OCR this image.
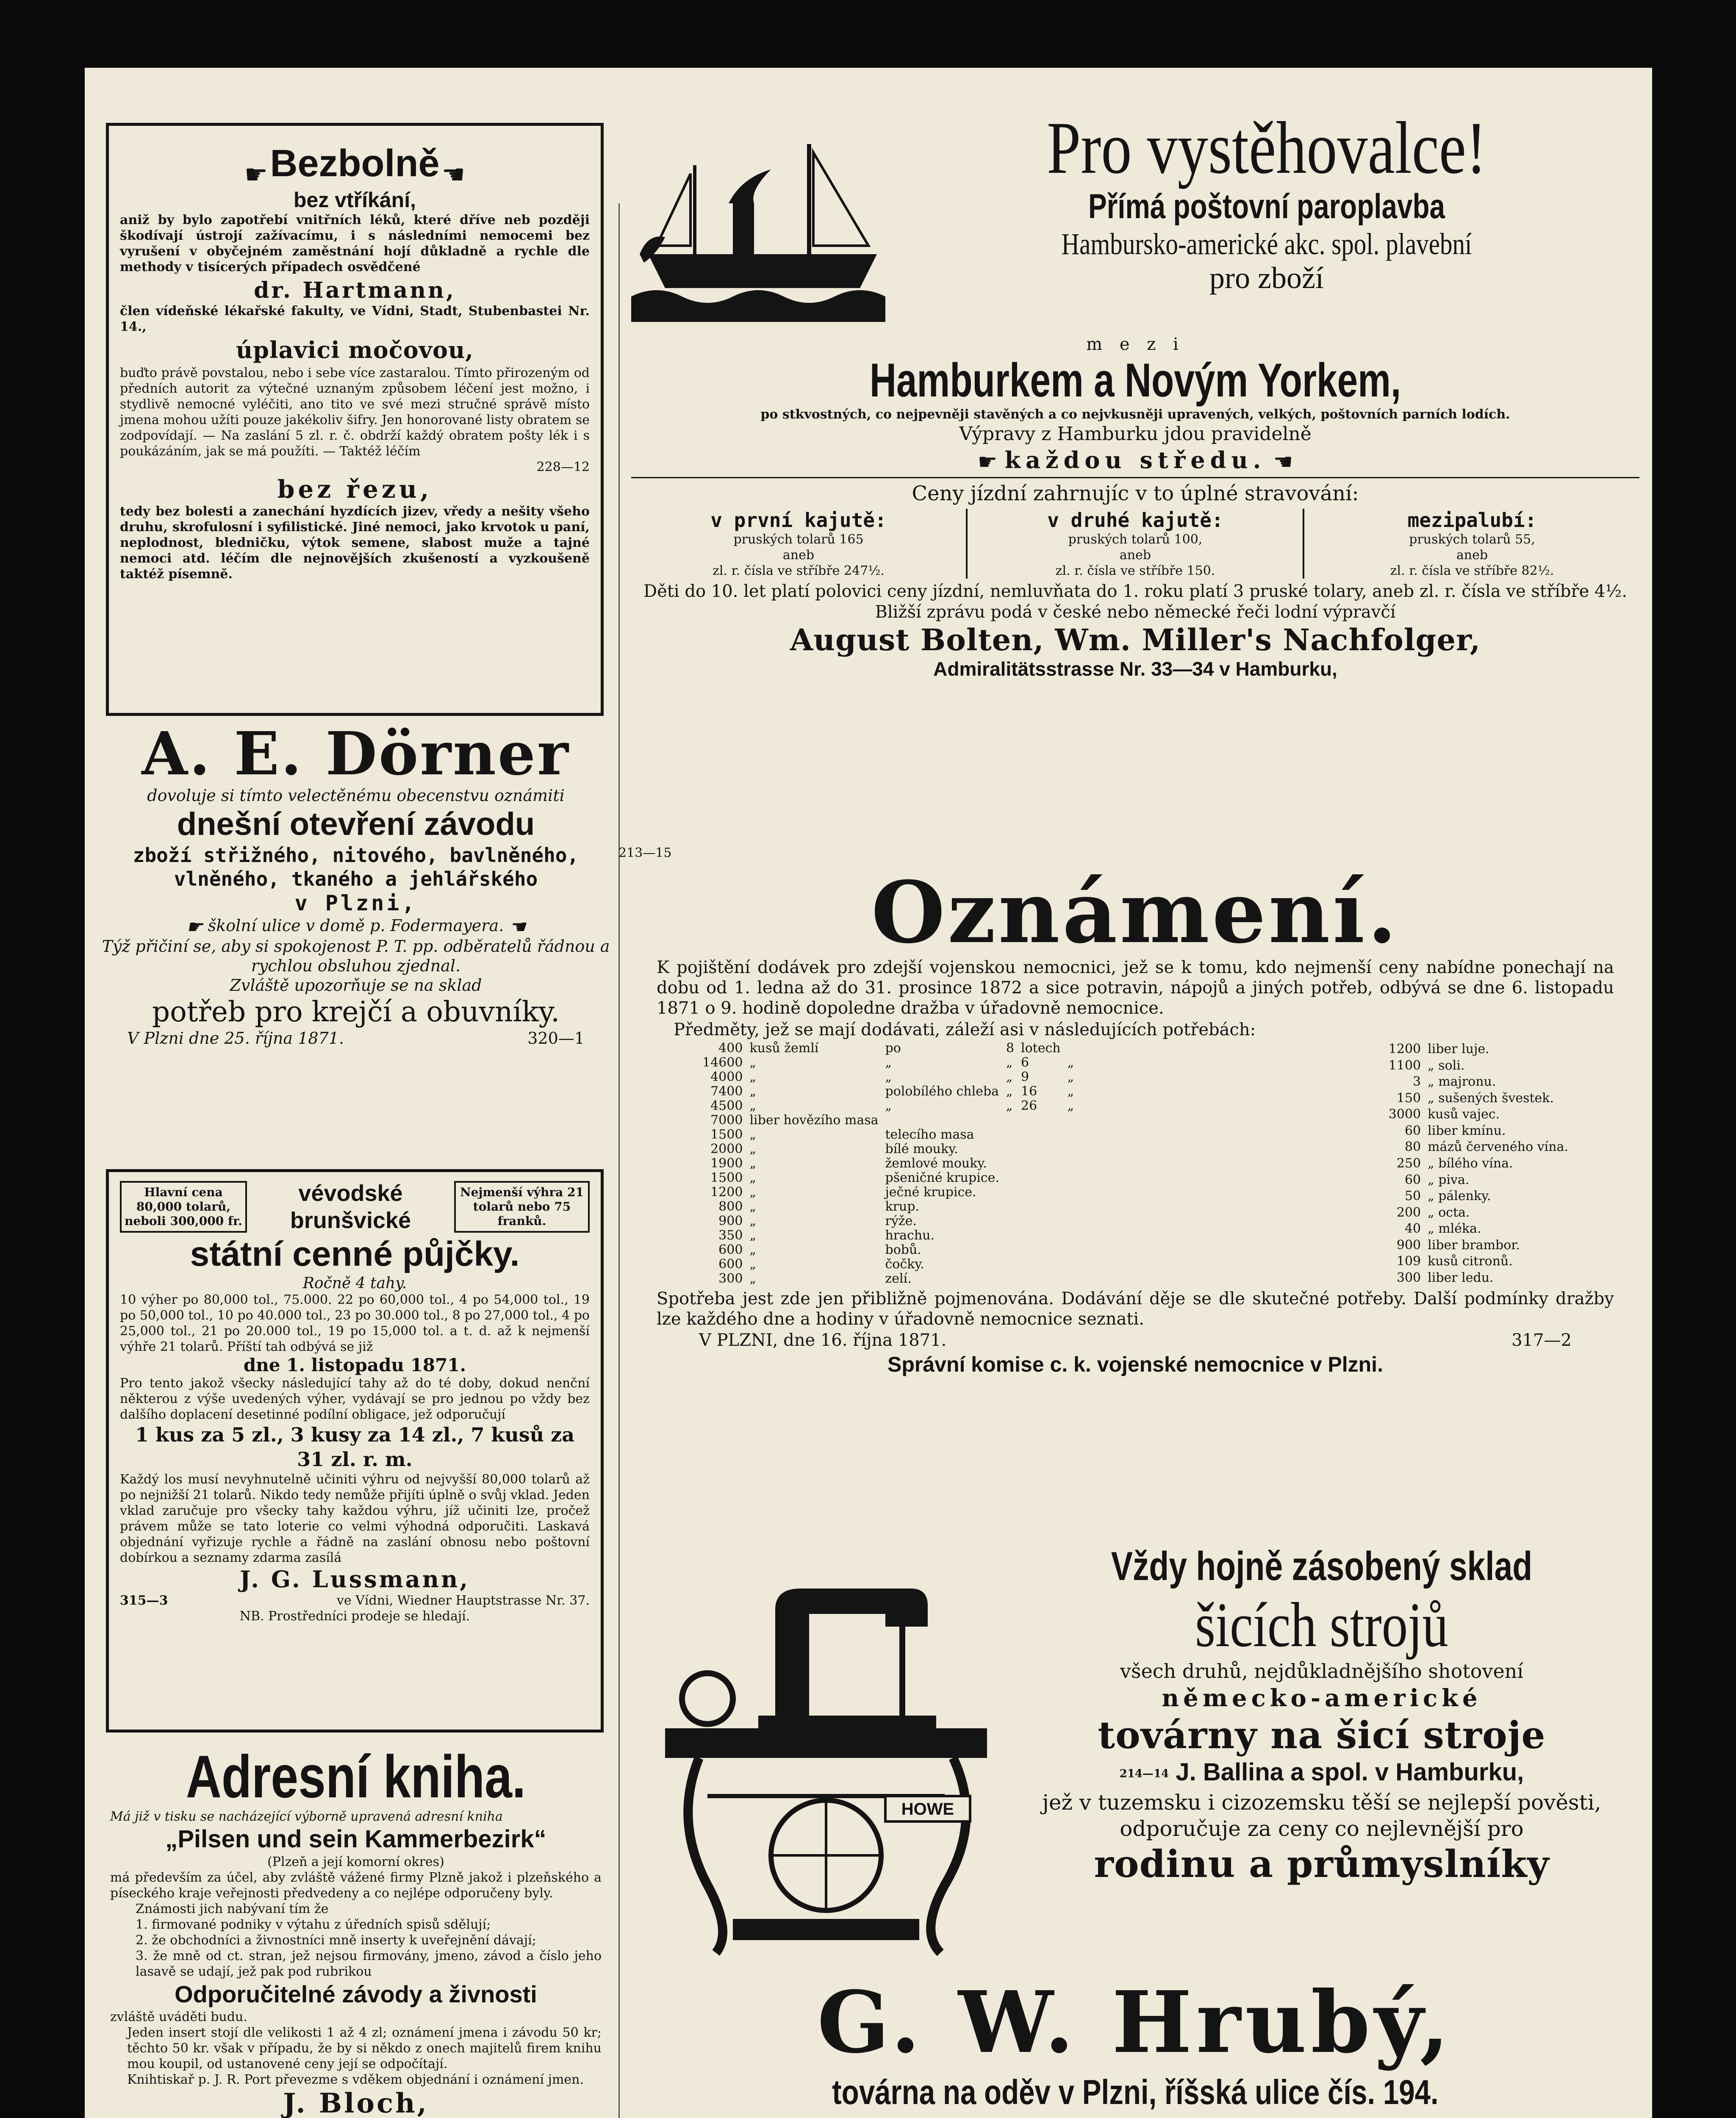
☛ Bezbolně ☚
bez vtříkání,
aniž by bylo zapotřebí vnitřních léků, které dříve neb později škodívají ústrojí zažívacímu, i s následními nemocemi bez vyrušení v obyčejném zaměstnání hojí důkladně a rychle dle methody v tisícerých případech osvědčené
dr. Hartmann,
člen vídeňské lékařské fakulty, ve Vídni, Stadt, Stubenbastei Nr. 14.,
úplavici močovou,
buďto právě povstalou, nebo i sebe více zastaralou. Tímto přirozeným od předních autorit za výtečné uznaným způsobem léčení jest možno, i stydlivě nemocné vyléčiti, ano tito ve své mezi stručné správě místo jmena mohou užíti pouze jakékoliv šifry. Jen honorované listy obratem se zodpovídají. — Na zaslání 5 zl. r. č. obdrží každý obratem pošty lék i s poukázáním, jak se má použíti. — Taktéž léčím
228—12
bez řezu,
tedy bez bolesti a zanechání hyzdících jizev, vředy a nešity všeho druhu, skrofulosní i syfilistické. Jiné nemoci, jako krvotok u paní, neplodnost, bledničku, výtok semene, slabost muže a tajné nemoci atd. léčím dle nejnovějších zkušeností a vyzkoušeně taktéž písemně.
A. E. Dörner
dovoluje si tímto velectěnému obecenstvu oznámiti
dnešní otevření závodu
zboží střižného, nitového, bavlněného, vlněného, tkaného a jehlářského
v Plzni,
☛ školní ulice v domě p. Fodermayera. ☚
Týž přičiní se, aby si spokojenost P. T. pp. odběratelů řádnou a rychlou obsluhou zjednal.
Zvláště upozorňuje se na sklad
potřeb pro krejčí a obuvníky.
V Plzni dne 25. října 1871.	320—1
Hlavní cena 80,000 tolarů, neboli 300,000 fr.
vévodské brunšvické
Nejmenší výhra 21 tolarů nebo 75 franků.
státní cenné půjčky.
Ročně 4 tahy.
10 výher po 80,000 tol., 75.000. 22 po 60,000 tol., 4 po 54,000 tol., 19 po 50,000 tol., 10 po 40.000 tol., 23 po 30.000 tol., 8 po 27,000 tol., 4 po 25,000 tol., 21 po 20.000 tol., 19 po 15,000 tol. a t. d. až k nejmenší výhře 21 tolarů. Příští tah odbývá se již
dne 1. listopadu 1871.
Pro tento jakož všecky následující tahy až do té doby, dokud nenční některou z výše uvedených výher, vydávají se pro jednou po vždy bez dalšího doplacení desetinné podílní obligace, jež odporučují
1 kus za 5 zl., 3 kusy za 14 zl., 7 kusů za 31 zl. r. m.
Každý los musí nevyhnutelně učiniti výhru od nejvyšší 80,000 tolarů až po nejnižší 21 tolarů. Nikdo tedy nemůže přijíti úplně o svůj vklad. Jeden vklad zaručuje pro všecky tahy každou výhru, jíž učiniti lze, pročež právem může se tato loterie co velmi výhodná odporučiti. Laskavá objednání vyřizuje rychle a řádně na zaslání obnosu nebo poštovní dobírkou a seznamy zdarma zasílá
J. G. Lussmann,
315—3	ve Vídni, Wiedner Hauptstrasse Nr. 37.
NB. Prostředníci prodeje se hledají.
Adresní kniha.
Má již v tisku se nacházející výborně upravená adresní kniha
„Pilsen und sein Kammerbezirk“
(Plzeň a její komorní okres)
má především za účel, aby zvláště vážené firmy Plzně jakož i plzeňského a píseckého kraje veřejnosti předvedeny a co nejlépe odporučeny byly.
Známosti jich nabývaní tím že
1. firmované podniky v výtahu z úředních spisů sdělují;
2. že obchodníci a živnostníci mně inserty k uveřejnění dávají;
3. že mně od ct. stran, jež nejsou firmovány, jmeno, závod a číslo jeho lasavě se udají, jež pak pod rubrikou
Odporučitelné závody a živnosti
zvláště uváděti budu.
Jeden insert stojí dle velikosti 1 až 4 zl; oznámení jmena i závodu 50 kr; těchto 50 kr. však v případu, že by si někdo z onech majitelů firem knihu mou koupil, od ustanovené ceny její se odpočítají.
Knihtiskař p. J. R. Port převezme s vděkem objednání i oznámení jmen.
J. Bloch,
Pro vystěhovalce!
Přímá poštovní paroplavba
Hambursko-americké akc. spol. plavební
pro zboží
m e z i
Hamburkem a Novým Yorkem,
po stkvostných, co nejpevněji stavěných a co nejvkusněji upravených, velkých, poštovních parních lodích.
Výpravy z Hamburku jdou pravidelně
☛ každou středu. ☚
Ceny jízdní zahrnujíc v to úplné stravování:
v první kajutě:
pruských tolarů 165
aneb
zl. r. čísla ve stříbře 247½.
v druhé kajutě:
pruských tolarů 100,
aneb
zl. r. čísla ve stříbře 150.
mezipalubí:
pruských tolarů 55,
aneb
zl. r. čísla ve stříbře 82½.
Děti do 10. let platí polovici ceny jízdní, nemluvňata do 1. roku platí 3 pruské tolary, aneb zl. r. čísla ve stříbře 4½.
Bližší zprávu podá v české nebo německé řeči lodní výpravčí
August Bolten, Wm. Miller's Nachfolger,
Admiralitätsstrasse Nr. 33—34 v Hamburku,
213—15
Oznámení.
K pojištění dodávek pro zdejší vojenskou nemocnici, jež se k tomu, kdo nejmenší ceny nabídne ponechají na dobu od 1. ledna až do 31. prosince 1872 a sice potravin, nápojů a jiných potřeb, odbývá se dne 6. listopadu 1871 o 9. hodině dopoledne dražba v úřadovně nemocnice.
Předměty, jež se mají dodávati, záleží asi v následujících potřebách:
400	kusů žemlí	po	8	lotech	
14600	„	„	„	6	„
4000	„	„	„	9	„
7400	„	polobílého chleba	„	16	„
4500	„	„	„	26	„
7000	liber hovězího masa				
1500	„	telecího masa			
2000	„	bílé mouky.			
1900	„	žemlové mouky.			
1500	„	pšeničné krupice.			
1200	„	ječné krupice.			
800	„	krup.			
900	„	rýže.			
350	„	hrachu.			
600	„	bobů.			
600	„	čočky.			
300	„	zelí.			
1200	liber luje.
1100	„ soli.
3	„ majronu.
150	„ sušených švestek.
3000	kusů vajec.
60	liber kmínu.
80	mázů červeného vína.
250	„ bílého vína.
60	„ piva.
50	„ pálenky.
200	„ octa.
40	„ mléka.
900	liber brambor.
109	kusů citronů.
300	liber ledu.
Spotřeba jest zde jen přibližně pojmenována. Dodávání děje se dle skutečné potřeby. Další podmínky dražby lze každého dne a hodiny v úřadovně nemocnice seznati.
V PLZNI, dne 16. října 1871.	317—2
Správní komise c. k. vojenské nemocnice v Plzni.
HOWE
Vždy hojně zásobený sklad
šicích strojů
všech druhů, nejdůkladnějšího shotovení
německo-americké
továrny na šicí stroje
214—14 J. Ballina a spol. v Hamburku,
jež v tuzemsku i cizozemsku těší se nejlepší pověsti, odporučuje za ceny co nejlevnější pro
rodinu a průmyslníky
G. W. Hrubý,
továrna na oděv v Plzni, říšská ulice čís. 194.
